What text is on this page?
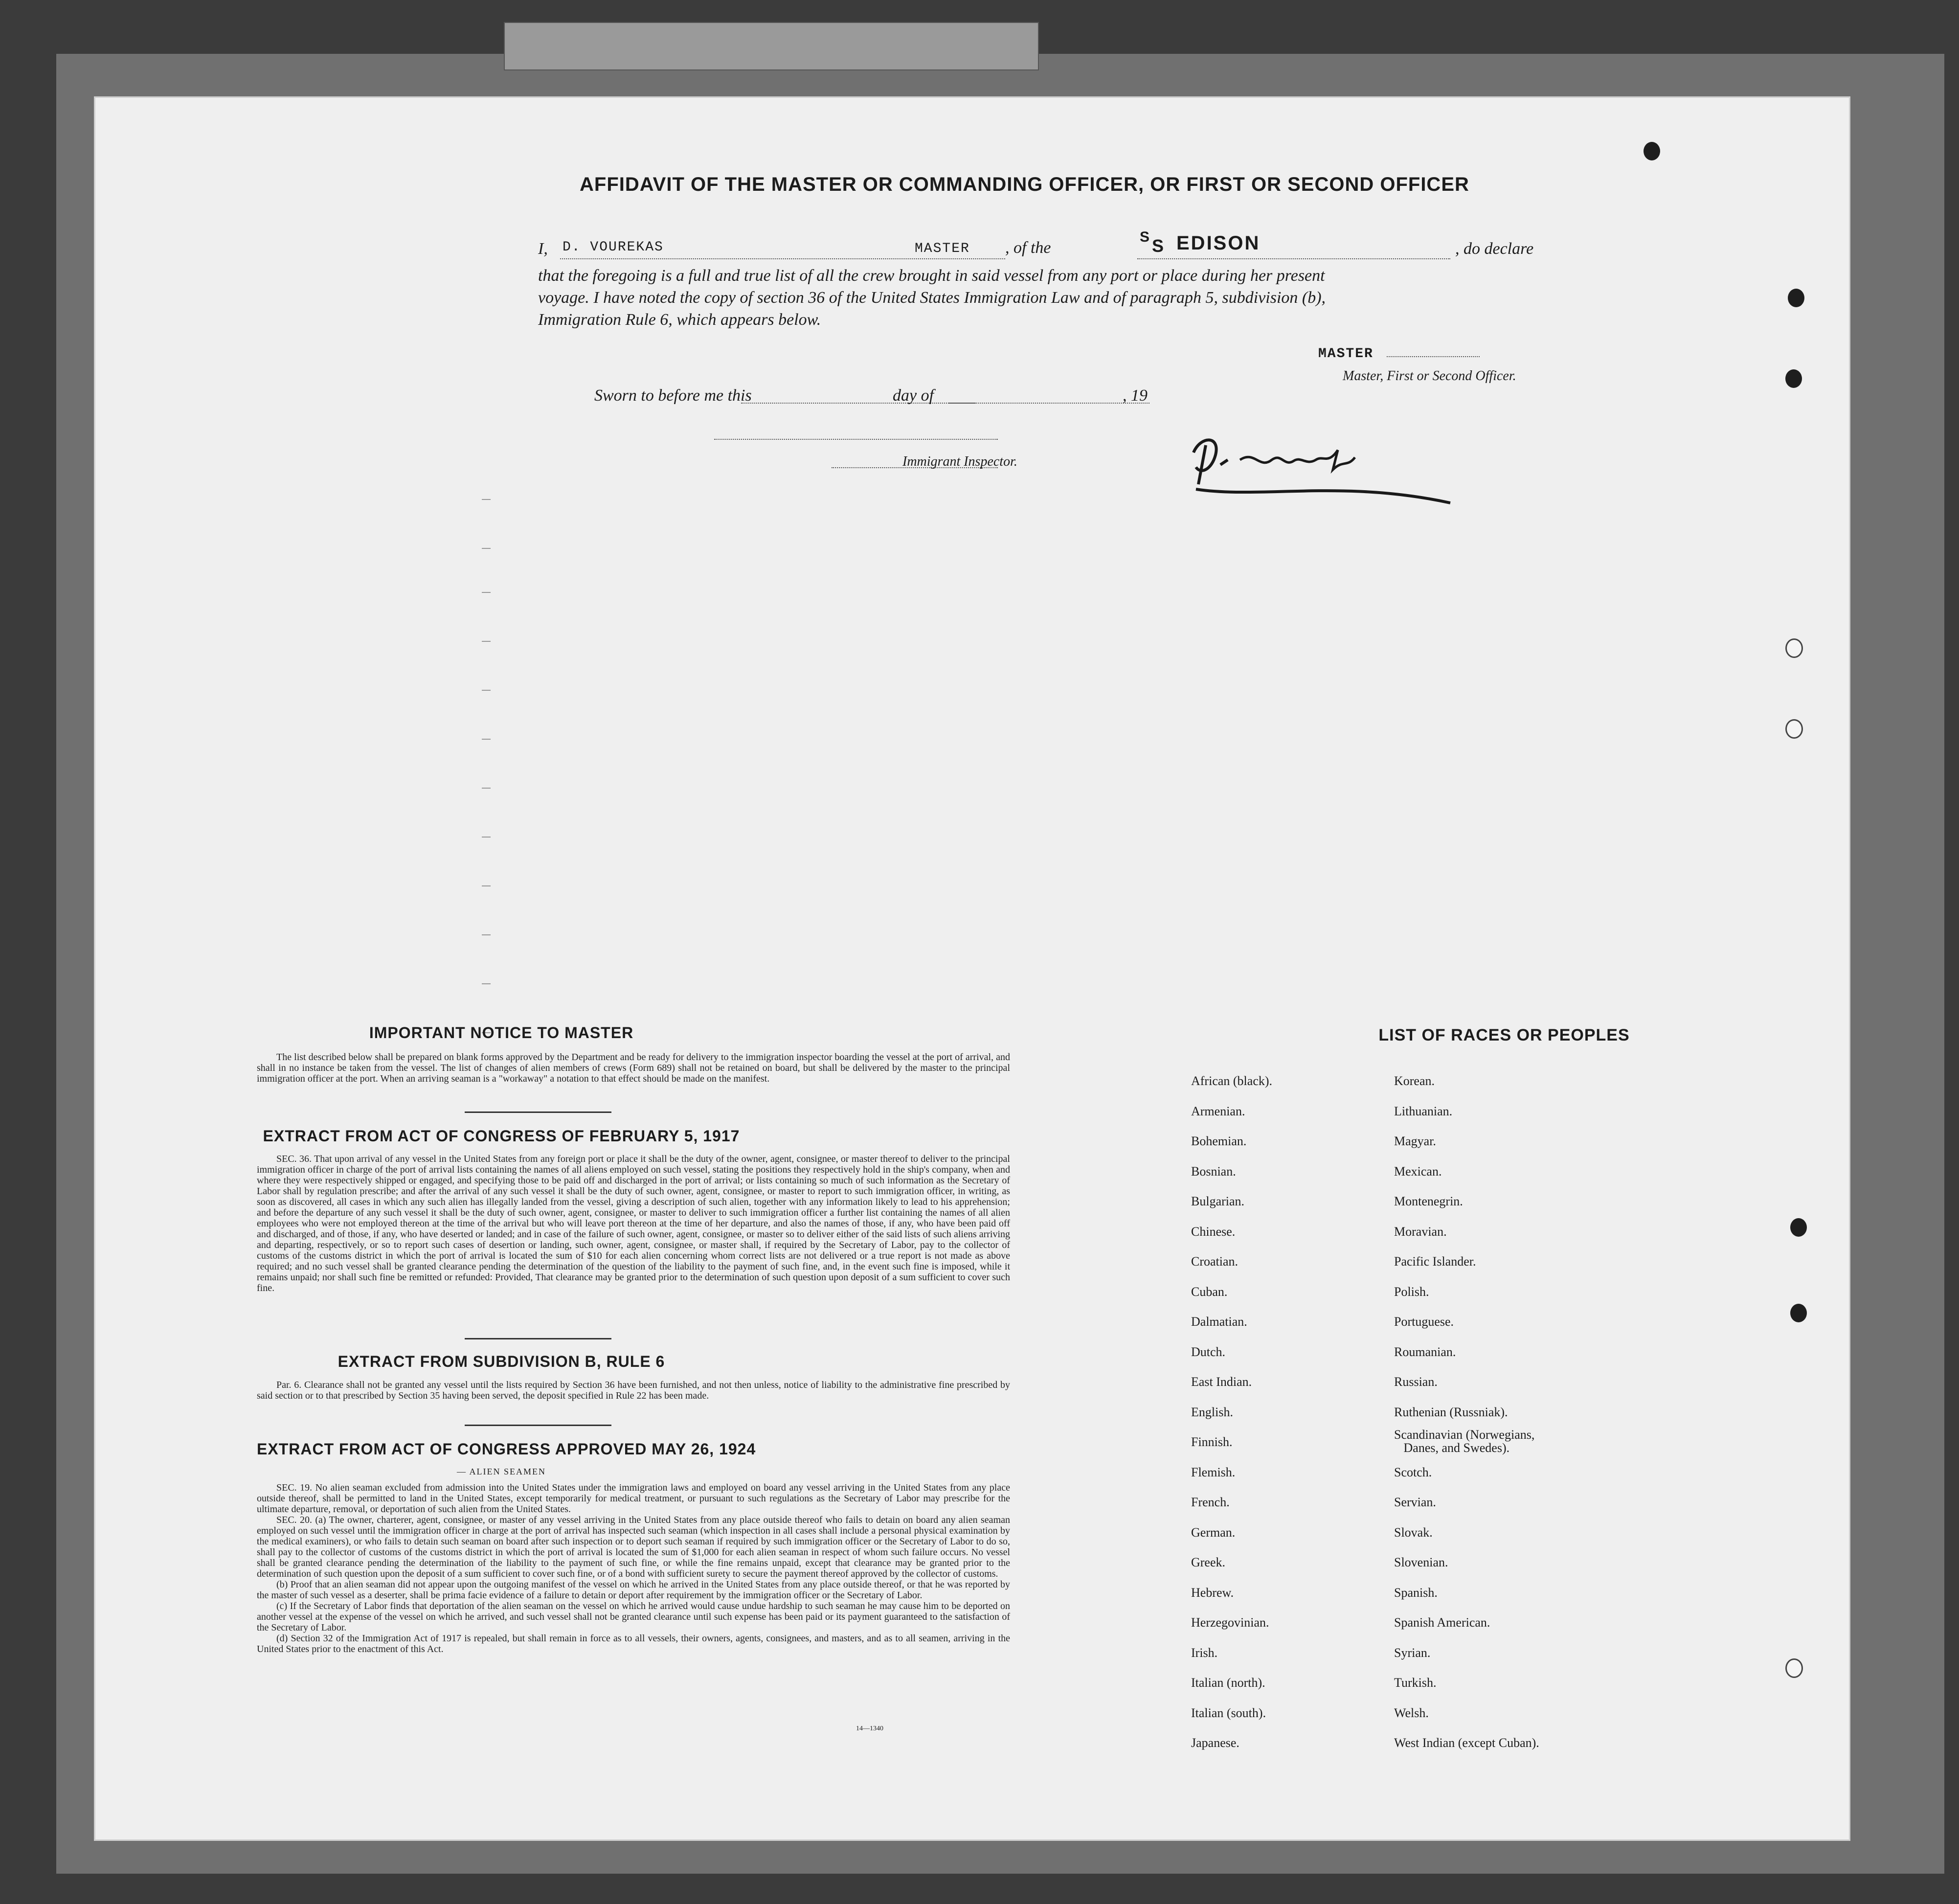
AFFIDAVIT OF THE MASTER OR COMMANDING OFFICER, OR FIRST OR SECOND OFFICER
I, D. VOUREKAS	MASTER , of the
S S EDISON	, do declare
that the foregoing is a full and true list of all the crew brought in said vessel from any port or place during her present
voyage. I have noted the copy of section 36 of the United States Immigration Law and of paragraph 5, subdivision (b),
Immigration Rule 6, which appears below.
MASTER
Master, First or Second Officer.
Sworn to before me this	day of	, 19
Immigrant Inspector.
IMPORTANT NOTICE TO MASTER

The list described below shall be prepared on blank forms approved by the Department and be ready for delivery to the immigration inspector boarding the vessel at the port of arrival, and shall in no instance be taken from the vessel. The list of changes of alien members of crews (Form 689) shall not be retained on board, but shall be delivered by the master to the principal immigration officer at the port. When an arriving seaman is a "workaway" a notation to that effect should be made on the manifest.

EXTRACT FROM ACT OF CONGRESS OF FEBRUARY 5, 1917

SEC. 36. That upon arrival of any vessel in the United States from any foreign port or place it shall be the duty of the owner, agent, consignee, or master thereof to deliver to the principal immigration officer in charge of the port of arrival lists containing the names of all aliens employed on such vessel, stating the positions they respectively hold in the ship's company, when and where they were respectively shipped or engaged, and specifying those to be paid off and discharged in the port of arrival; or lists containing so much of such information as the Secretary of Labor shall by regulation prescribe; and after the arrival of any such vessel it shall be the duty of such owner, agent, consignee, or master to report to such immigration officer, in writing, as soon as discovered, all cases in which any such alien has illegally landed from the vessel, giving a description of such alien, together with any information likely to lead to his apprehension; and before the departure of any such vessel it shall be the duty of such owner, agent, consignee, or master to deliver to such immigration officer a further list containing the names of all alien employees who were not employed thereon at the time of the arrival but who will leave port thereon at the time of her departure, and also the names of those, if any, who have been paid off and discharged, and of those, if any, who have deserted or landed; and in case of the failure of such owner, agent, consignee, or master so to deliver either of the said lists of such aliens arriving and departing, respectively, or so to report such cases of desertion or landing, such owner, agent, consignee, or master shall, if required by the Secretary of Labor, pay to the collector of customs of the customs district in which the port of arrival is located the sum of $10 for each alien concerning whom correct lists are not delivered or a true report is not made as above required; and no such vessel shall be granted clearance pending the determination of the question of the liability to the payment of such fine, and, in the event such fine is imposed, while it remains unpaid; nor shall such fine be remitted or refunded: Provided, That clearance may be granted prior to the determination of such question upon deposit of a sum sufficient to cover such fine.

EXTRACT FROM SUBDIVISION B, RULE 6

Par. 6. Clearance shall not be granted any vessel until the lists required by Section 36 have been furnished, and not then unless, notice of liability to the administrative fine prescribed by said section or to that prescribed by Section 35 having been served, the deposit specified in Rule 22 has been made.

EXTRACT FROM ACT OF CONGRESS APPROVED MAY 26, 1924
— ALIEN SEAMEN

SEC. 19. No alien seaman excluded from admission into the United States under the immigration laws and employed on board any vessel arriving in the United States from any place outside thereof, shall be permitted to land in the United States, except temporarily for medical treatment, or pursuant to such regulations as the Secretary of Labor may prescribe for the ultimate departure, removal, or deportation of such alien from the United States.

SEC. 20. (a) The owner, charterer, agent, consignee, or master of any vessel arriving in the United States from any place outside thereof who fails to detain on board any alien seaman employed on such vessel until the immigration officer in charge at the port of arrival has inspected such seaman (which inspection in all cases shall include a personal physical examination by the medical examiners), or who fails to detain such seaman on board after such inspection or to deport such seaman if required by such immigration officer or the Secretary of Labor to do so, shall pay to the collector of customs of the customs district in which the port of arrival is located the sum of $1,000 for each alien seaman in respect of whom such failure occurs. No vessel shall be granted clearance pending the determination of the liability to the payment of such fine, or while the fine remains unpaid, except that clearance may be granted prior to the determination of such question upon the deposit of a sum sufficient to cover such fine, or of a bond with sufficient surety to secure the payment thereof approved by the collector of customs.

(b) Proof that an alien seaman did not appear upon the outgoing manifest of the vessel on which he arrived in the United States from any place outside thereof, or that he was reported by the master of such vessel as a deserter, shall be prima facie evidence of a failure to detain or deport after requirement by the immigration officer or the Secretary of Labor.

(c) If the Secretary of Labor finds that deportation of the alien seaman on the vessel on which he arrived would cause undue hardship to such seaman he may cause him to be deported on another vessel at the expense of the vessel on which he arrived, and such vessel shall not be granted clearance until such expense has been paid or its payment guaranteed to the satisfaction of the Secretary of Labor.

(d) Section 32 of the Immigration Act of 1917 is repealed, but shall remain in force as to all vessels, their owners, agents, consignees, and masters, and as to all seamen, arriving in the United States prior to the enactment of this Act.

14—1340
LIST OF RACES OR PEOPLES
African (black).
Armenian.
Bohemian.
Bosnian.
Bulgarian.
Chinese.
Croatian.
Cuban.
Dalmatian.
Dutch.
East Indian.
English.
Finnish.
Flemish.
French.
German.
Greek.
Hebrew.
Herzegovinian.
Irish.
Italian (north).
Italian (south).
Japanese.
Korean.
Lithuanian.
Magyar.
Mexican.
Montenegrin.
Moravian.
Pacific Islander.
Polish.
Portuguese.
Roumanian.
Russian.
Ruthenian (Russniak).
Scandinavian (Norwegians,
Danes, and Swedes).
Scotch.
Servian.
Slovak.
Slovenian.
Spanish.
Spanish American.
Syrian.
Turkish.
Welsh.
West Indian (except Cuban).
